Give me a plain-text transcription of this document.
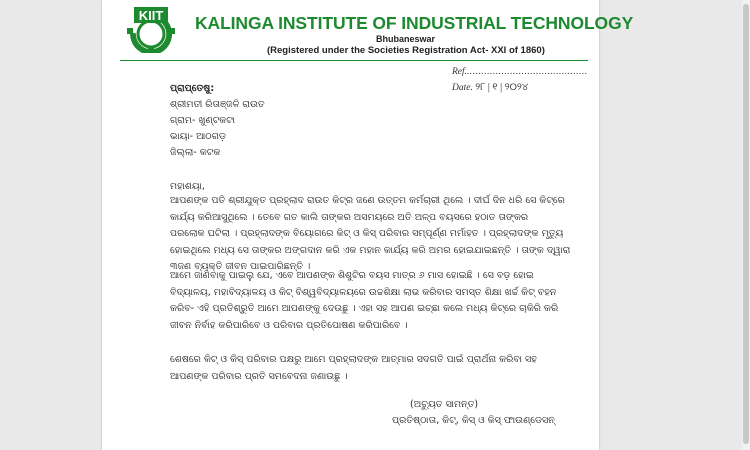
KIIT KALINGA INSTITUTE OF INDUSTRIAL TECHNOLOGY
Bhubaneswar
(Registered under the Societies Registration Act- XXI of 1860)
Ref...........................................
Date. ୨୮ | ୧ | ୨୦୨୪
ପ୍ରାପ୍ତେଷୁ:
ଶ୍ରୀମତୀ ରିତାଞ୍ଜଳି ରାଉତ
ଗ୍ରାମ- ଖୁଣ୍ଟକଟା
ଭାୟା- ଆଠଗଡ଼
ଜିଲ୍ଲା- କଟକ
ମହାଶୟା,
ଆପଣଙ୍କ ପତି ଶ୍ରୀଯୁକ୍ତ ପ୍ରହ୍ଲାଦ ରାଉତ କିଟ୍‌ର ଜଣେ ଉତ୍ତମ କର୍ମଚାରୀ ଥିଲେ । ଦୀର୍ଘ ଦିନ ଧରି ସେ କିଟ୍‌ରେ
କାର୍ଯ୍ୟ କରିଆସୁଥିଲେ । ତେବେ ଗତ କାଲି ତାଙ୍କର ଅସମୟରେ ଅତି ଅଳ୍ପ ବୟସରେ ହଠାତ ତାଙ୍କର
ପରଲୋକ ଘଟିଲା । ପ୍ରହ୍ଲାଦଙ୍କ ବିୟୋଗରେ କିଟ୍ ଓ କିସ୍ ପରିବାର ସମ୍ପୂର୍ଣ୍ଣ ମର୍ମାହତ । ପ୍ରହ୍ଲାଦଙ୍କ ମୃତ୍ୟୁ
ହୋଇଥିଲେ ମଧ୍ୟ ସେ ତାଙ୍କର ଅଙ୍ଗଦାନ କରି ଏକ ମହାନ କାର୍ଯ୍ୟ କରି ଅମର ହୋଇଯାଇଛନ୍ତି । ତାଙ୍କ ଦ୍ୱାରା
୩ଜଣ ବ୍ୟକ୍ତି ଜୀବନ ପାଇପାରିଛନ୍ତି ।
ଆମେ ଜାଣିବାକୁ ପାଇଲୁ ଯେ, ଏବେ ଆପଣଙ୍କ ଶିଶୁଟିର ବୟସ ମାତ୍ର ୬ ମାସ ହୋଇଛି । ସେ ବଡ଼ ହୋଇ
ବିଦ୍ୟାଳୟ, ମହାବିଦ୍ୟାଳୟ ଓ କିଟ୍ ବିଶ୍ୱବିଦ୍ୟାଳୟରେ ଉଚ୍ଚଶିକ୍ଷା ଲାଭ କରିବାର ସମସ୍ତ ଶିକ୍ଷା ଖର୍ଚ୍ଚ କିଟ୍ ବହନ
କରିବ- ଏହି ପ୍ରତିଶ୍ରୁତି ଆମେ ଆପଣଙ୍କୁ ଦେଉଛୁ । ଏହା ସହ ଆପଣ ଇଚ୍ଛା କଲେ ମଧ୍ୟ କିଟ୍‌ରେ ଚାକିରି କରି
ଜୀବନ ନିର୍ବାହ କରିପାରିବେ ଓ ପରିବାର ପ୍ରତିପୋଷଣ କରିପାରିବେ ।
ଶେଷରେ କିଟ୍ ଓ କିସ୍ ପରିବାର ପକ୍ଷରୁ ଆମେ ପ୍ରହ୍ଲାଦଙ୍କ ଆତ୍ମାର ସଦଗତି ପାଇଁ ପ୍ରାର୍ଥନା କରିବା ସହ
ଆପଣଙ୍କ ପରିବାର ପ୍ରତି ସମବେଦନା ଜଣାଉଛୁ ।
(ଅଚ୍ୟୁତ ସାମନ୍ତ)
ପ୍ରତିଷ୍ଠାତା, କିଟ୍, କିସ୍ ଓ କିସ୍ ଫାଉଣ୍ଡେସନ୍
